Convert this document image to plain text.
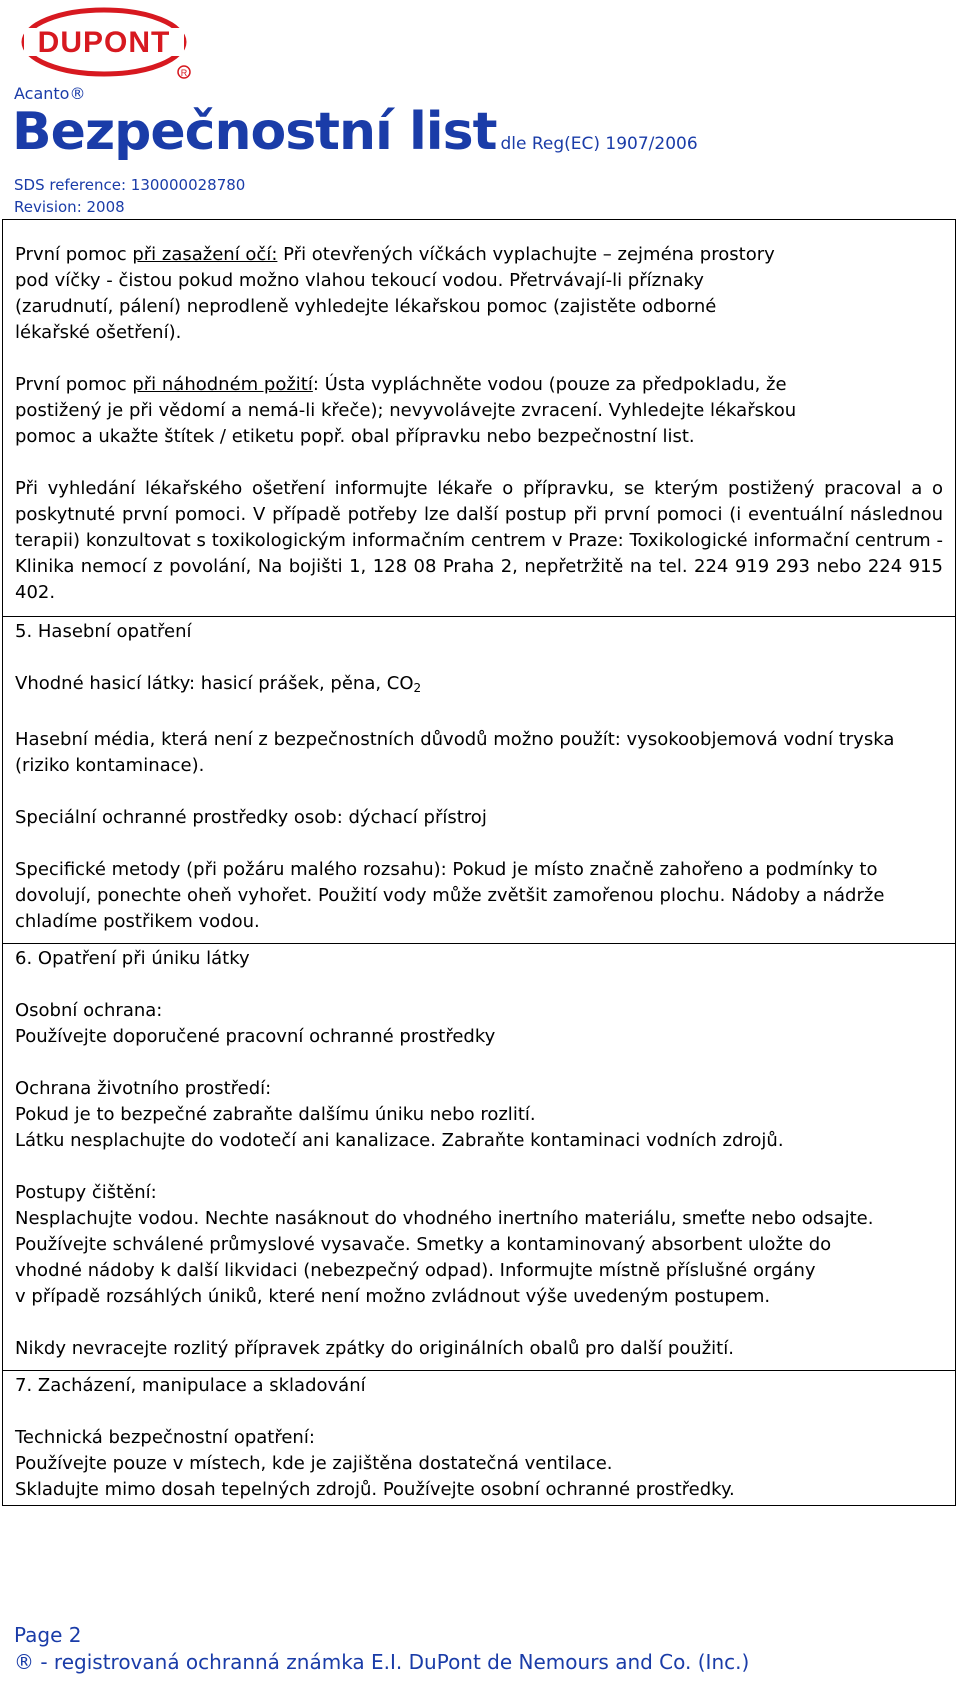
DUPONT
R
Acanto®
Bezpečnostní list dle Reg(EC) 1907/2006
SDS reference: 130000028780
Revision: 2008

První pomoc při zasažení očí: Při otevřených víčkách vyplachujte – zejména prostory pod víčky - čistou pokud možno vlahou tekoucí vodou. Přetrvávají-li příznaky (zarudnutí, pálení) neprodleně vyhledejte lékařskou pomoc (zajistěte odborné lékařské ošetření).

První pomoc při náhodném požití: Ústa vypláchněte vodou (pouze za předpokladu, že postižený je při vědomí a nemá-li křeče); nevyvolávejte zvracení. Vyhledejte lékařskou pomoc a ukažte štítek / etiketu popř. obal přípravku nebo bezpečnostní list.

Při vyhledání lékařského ošetření informujte lékaře o přípravku, se kterým postižený pracoval a o poskytnuté první pomoci. V případě potřeby lze další postup při první pomoci (i eventuální následnou terapii) konzultovat s toxikologickým informačním centrem v Praze: Toxikologické informační centrum - Klinika nemocí z povolání, Na bojišti 1, 128 08 Praha 2, nepřetržitě na tel. 224 919 293 nebo 224 915 402.

5. Hasební opatření

Vhodné hasicí látky: hasicí prášek, pěna, $CO_2$

Hasební média, která není z bezpečnostních důvodů možno použít: vysokoobjemová vodní tryska (riziko kontaminace).

Speciální ochranné prostředky osob: dýchací přístroj

Specifické metody (při požáru malého rozsahu): Pokud je místo značně zahořeno a podmínky to dovolují, ponechte oheň vyhořet. Použití vody může zvětšit zamořenou plochu. Nádoby a nádrže chladíme postřikem vodou.

6. Opatření při úniku látky

Osobní ochrana:

Používejte doporučené pracovní ochranné prostředky

Ochrana životního prostředí:

Pokud je to bezpečné zabraňte dalšímu úniku nebo rozlití.

Látku nesplachujte do vodotečí ani kanalizace. Zabraňte kontaminaci vodních zdrojů.

Postupy čištění:

Nesplachujte vodou. Nechte nasáknout do vhodného inertního materiálu, smeťte nebo odsajte.

Používejte schválené průmyslové vysavače. Smetky a kontaminovaný absorbent uložte do

vhodné nádoby k další likvidaci (nebezpečný odpad). Informujte místně příslušné orgány

v případě rozsáhlých úniků, které není možno zvládnout výše uvedeným postupem.

Nikdy nevracejte rozlitý přípravek zpátky do originálních obalů pro další použití.

7. Zacházení, manipulace a skladování

Technická bezpečnostní opatření:

Používejte pouze v místech, kde je zajištěna dostatečná ventilace.

Skladujte mimo dosah tepelných zdrojů. Používejte osobní ochranné prostředky.

Page 2
® - registrovaná ochranná známka E.I. DuPont de Nemours and Co. (Inc.)
